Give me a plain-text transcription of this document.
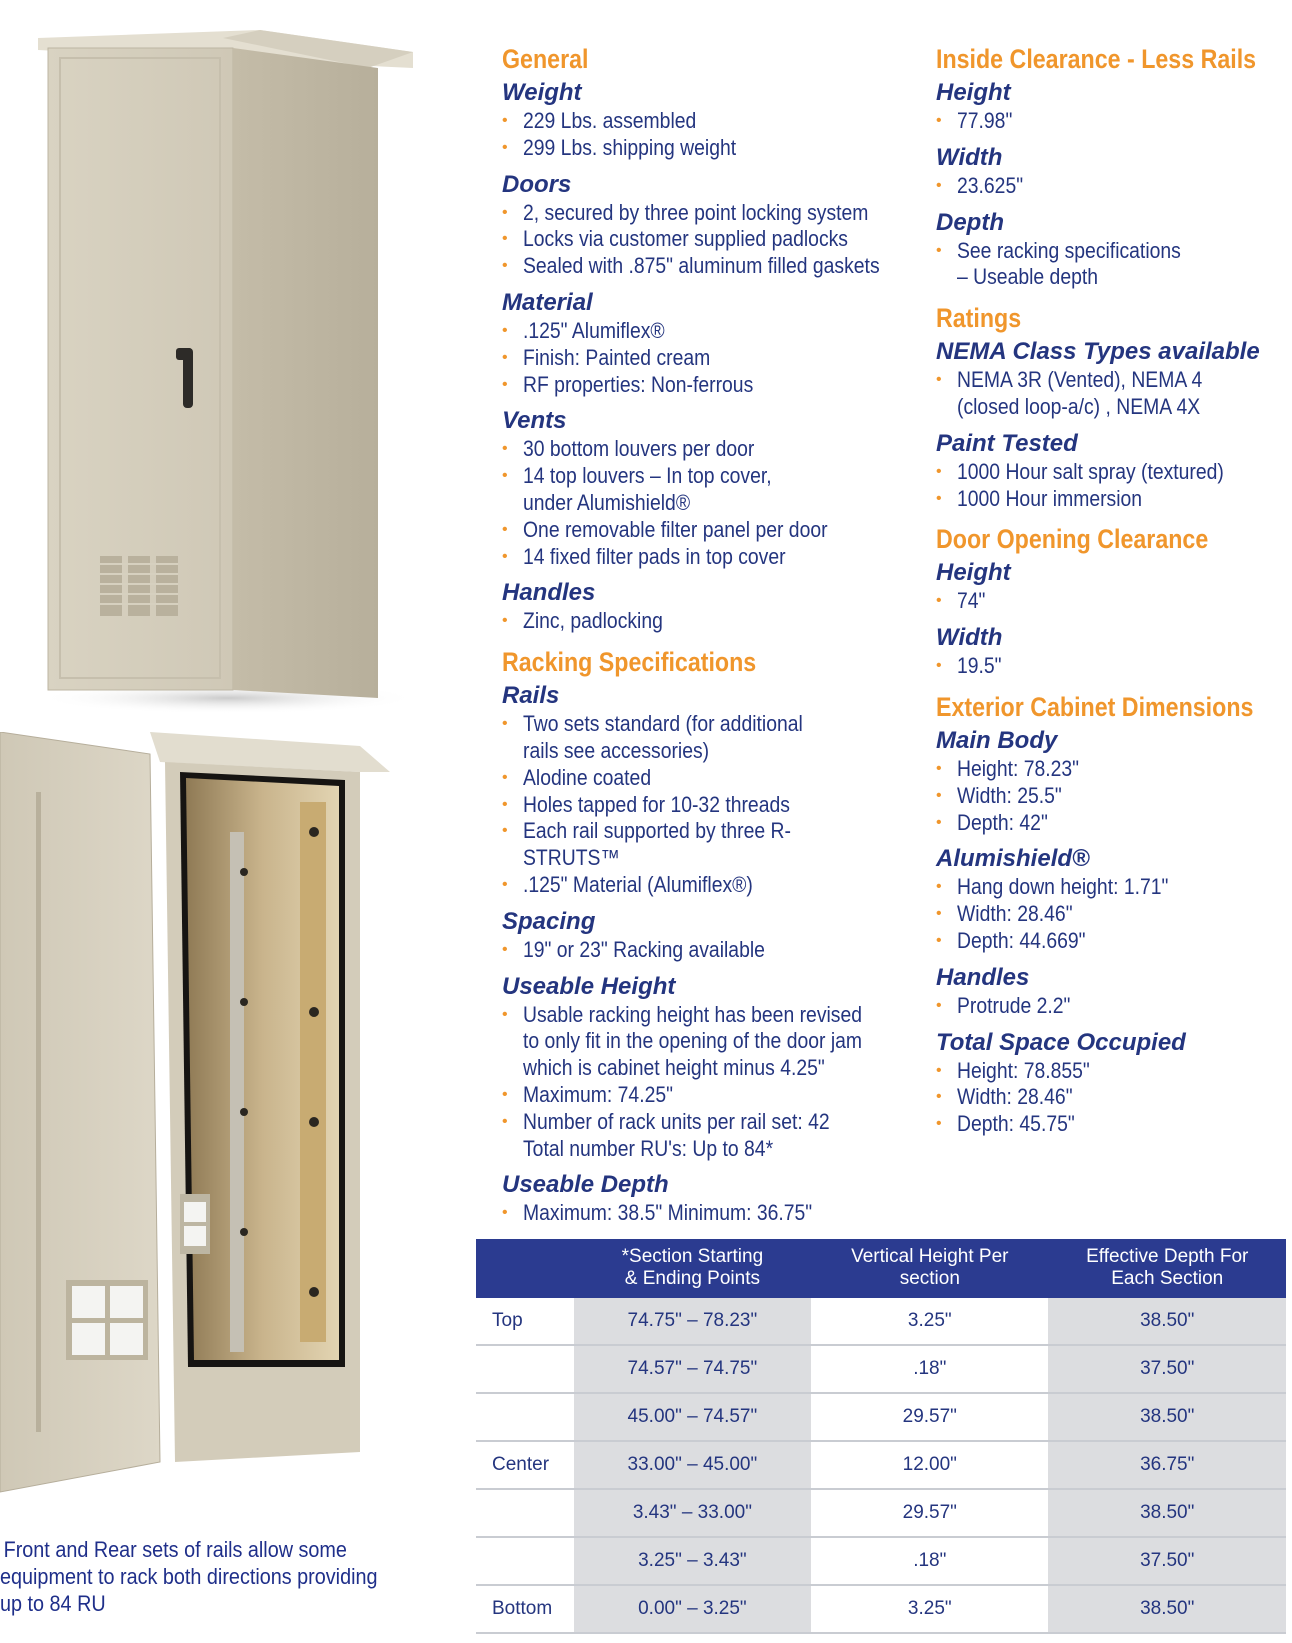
Front and Rear sets of rails allow some equipment to rack both directions providing up to 84 RU
General
Weight
• 229 Lbs. assembled
• 299 Lbs. shipping weight
Doors
• 2, secured by three point locking system
• Locks via customer supplied padlocks
• Sealed with .875" aluminum filled gaskets
Material
• .125" Alumiflex®
• Finish: Painted cream
• RF properties: Non-ferrous
Vents
• 30 bottom louvers per door
• 14 top louvers – In top cover,
under Alumishield®
• One removable filter panel per door
• 14 fixed filter pads in top cover
Handles
• Zinc, padlocking
Racking Specifications
Rails
• Two sets standard (for additional
rails see accessories)
• Alodine coated
• Holes tapped for 10-32 threads
• Each rail supported by three R-STRUTS™
• .125" Material (Alumiflex®)
Spacing
• 19" or 23" Racking available
Useable Height
• Usable racking height has been revised
to only fit in the opening of the door jam
which is cabinet height minus 4.25"
• Maximum: 74.25"
• Number of rack units per rail set: 42
Total number RU's: Up to 84*
Useable Depth
• Maximum: 38.5" Minimum: 36.75"
Inside Clearance - Less Rails
Height
• 77.98"
Width
• 23.625"
Depth
• See racking specifications
– Useable depth
Ratings
NEMA Class Types available
• NEMA 3R (Vented), NEMA 4
(closed loop-a/c) , NEMA 4X
Paint Tested
• 1000 Hour salt spray (textured)
• 1000 Hour immersion
Door Opening Clearance
Height
• 74"
Width
• 19.5"
Exterior Cabinet Dimensions
Main Body
• Height: 78.23"
• Width: 25.5"
• Depth: 42"
Alumishield®
• Hang down height: 1.71"
• Width: 28.46"
• Depth: 44.669"
Handles
• Protrude 2.2"
Total Space Occupied
• Height: 78.855"
• Width: 28.46"
• Depth: 45.75"
	*Section Starting
& Ending Points	Vertical Height Per
section	Effective Depth For
Each Section
Top	74.75" – 78.23"	3.25"	38.50"
	74.57" – 74.75"	.18"	37.50"
	45.00" – 74.57"	29.57"	38.50"
Center	33.00" – 45.00"	12.00"	36.75"
	3.43" – 33.00"	29.57"	38.50"
	3.25" – 3.43"	.18"	37.50"
Bottom	0.00" – 3.25"	3.25"	38.50"
